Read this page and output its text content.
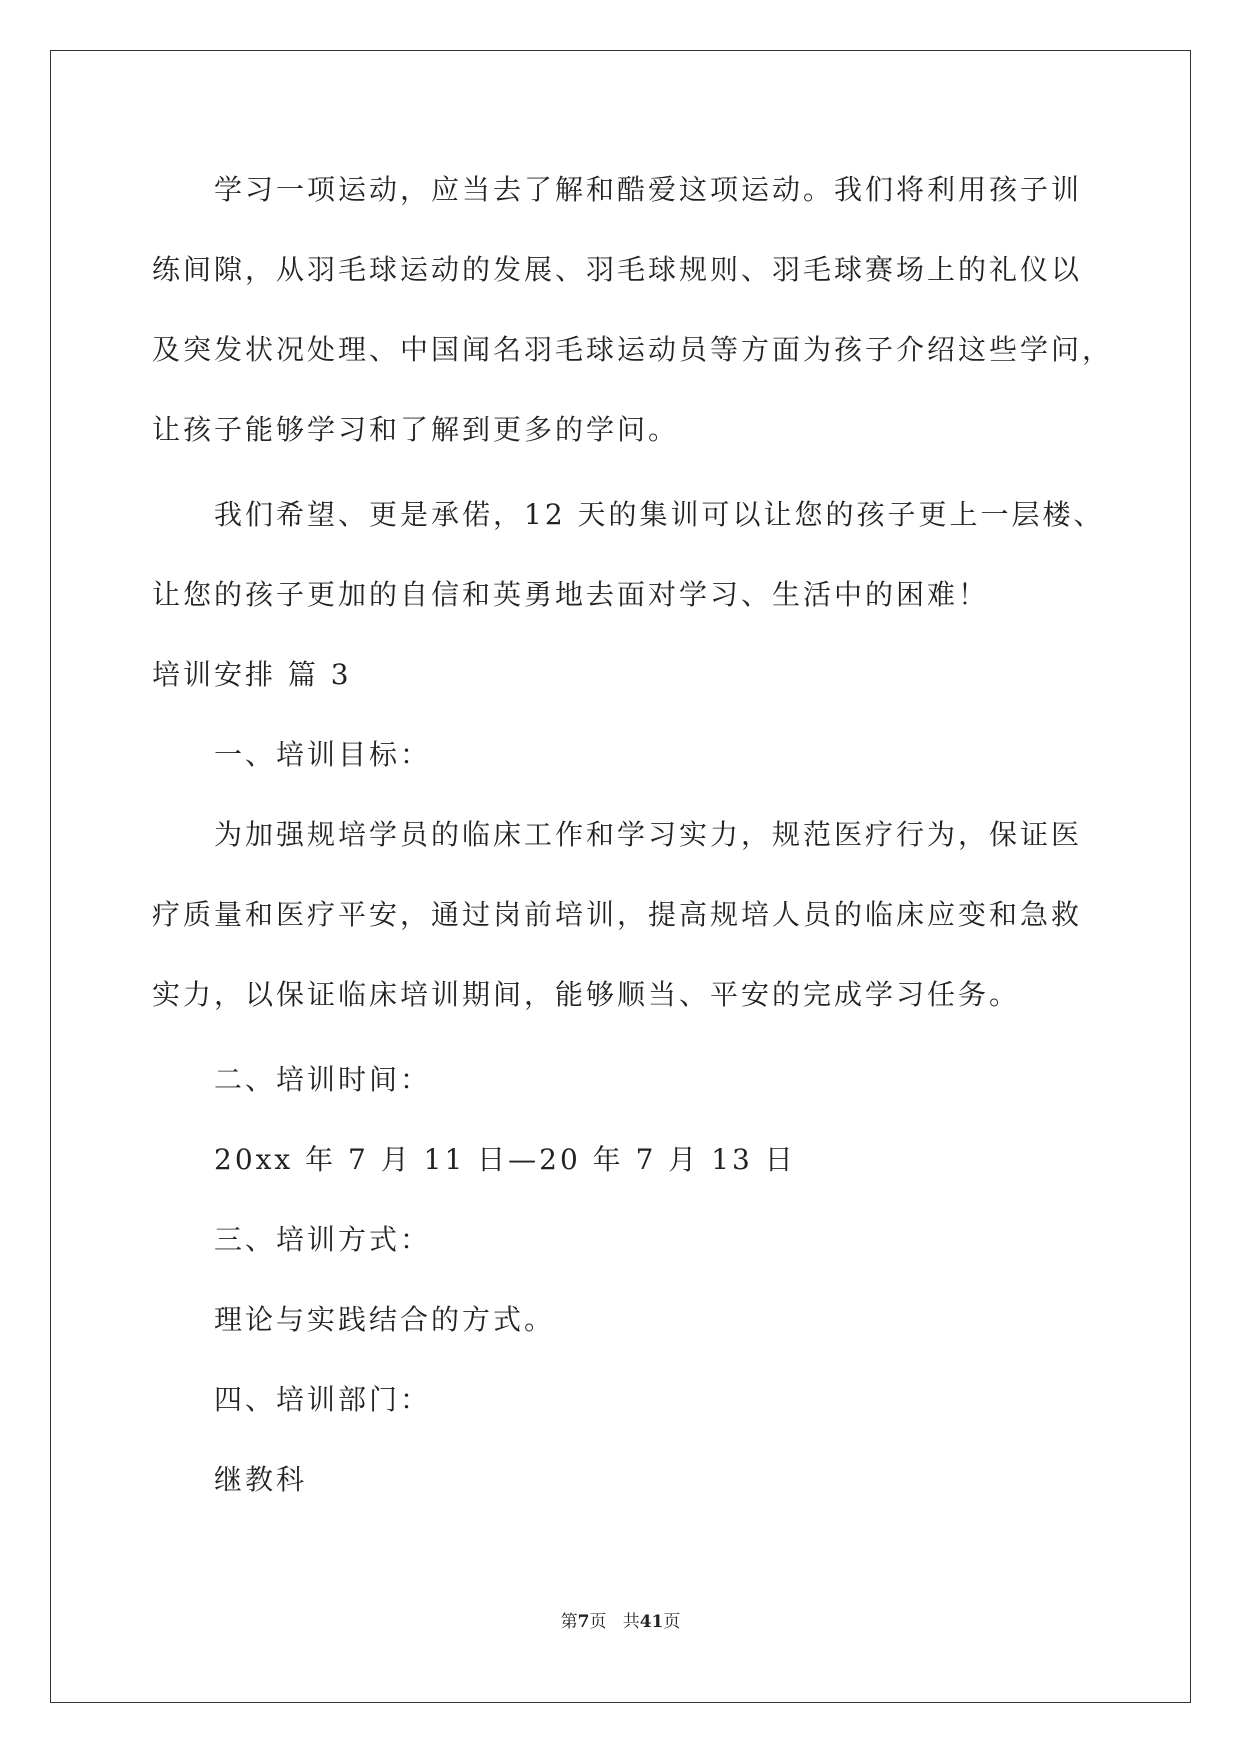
学习一项运动，应当去了解和酷爱这项运动。我们将利用孩子训

练间隙，从羽毛球运动的发展、羽毛球规则、羽毛球赛场上的礼仪以

及突发状况处理、中国闻名羽毛球运动员等方面为孩子介绍这些学问，

让孩子能够学习和了解到更多的学问。

我们希望、更是承偌，12 天的集训可以让您的孩子更上一层楼、

让您的孩子更加的自信和英勇地去面对学习、生活中的困难！

培训安排 篇 3

一、培训目标：

为加强规培学员的临床工作和学习实力，规范医疗行为，保证医

疗质量和医疗平安，通过岗前培训，提高规培人员的临床应变和急救

实力，以保证临床培训期间，能够顺当、平安的完成学习任务。

二、培训时间：

20xx 年 7 月 11 日—20 年 7 月 13 日

三、培训方式：

理论与实践结合的方式。

四、培训部门：

继教科

第7页 共41页
